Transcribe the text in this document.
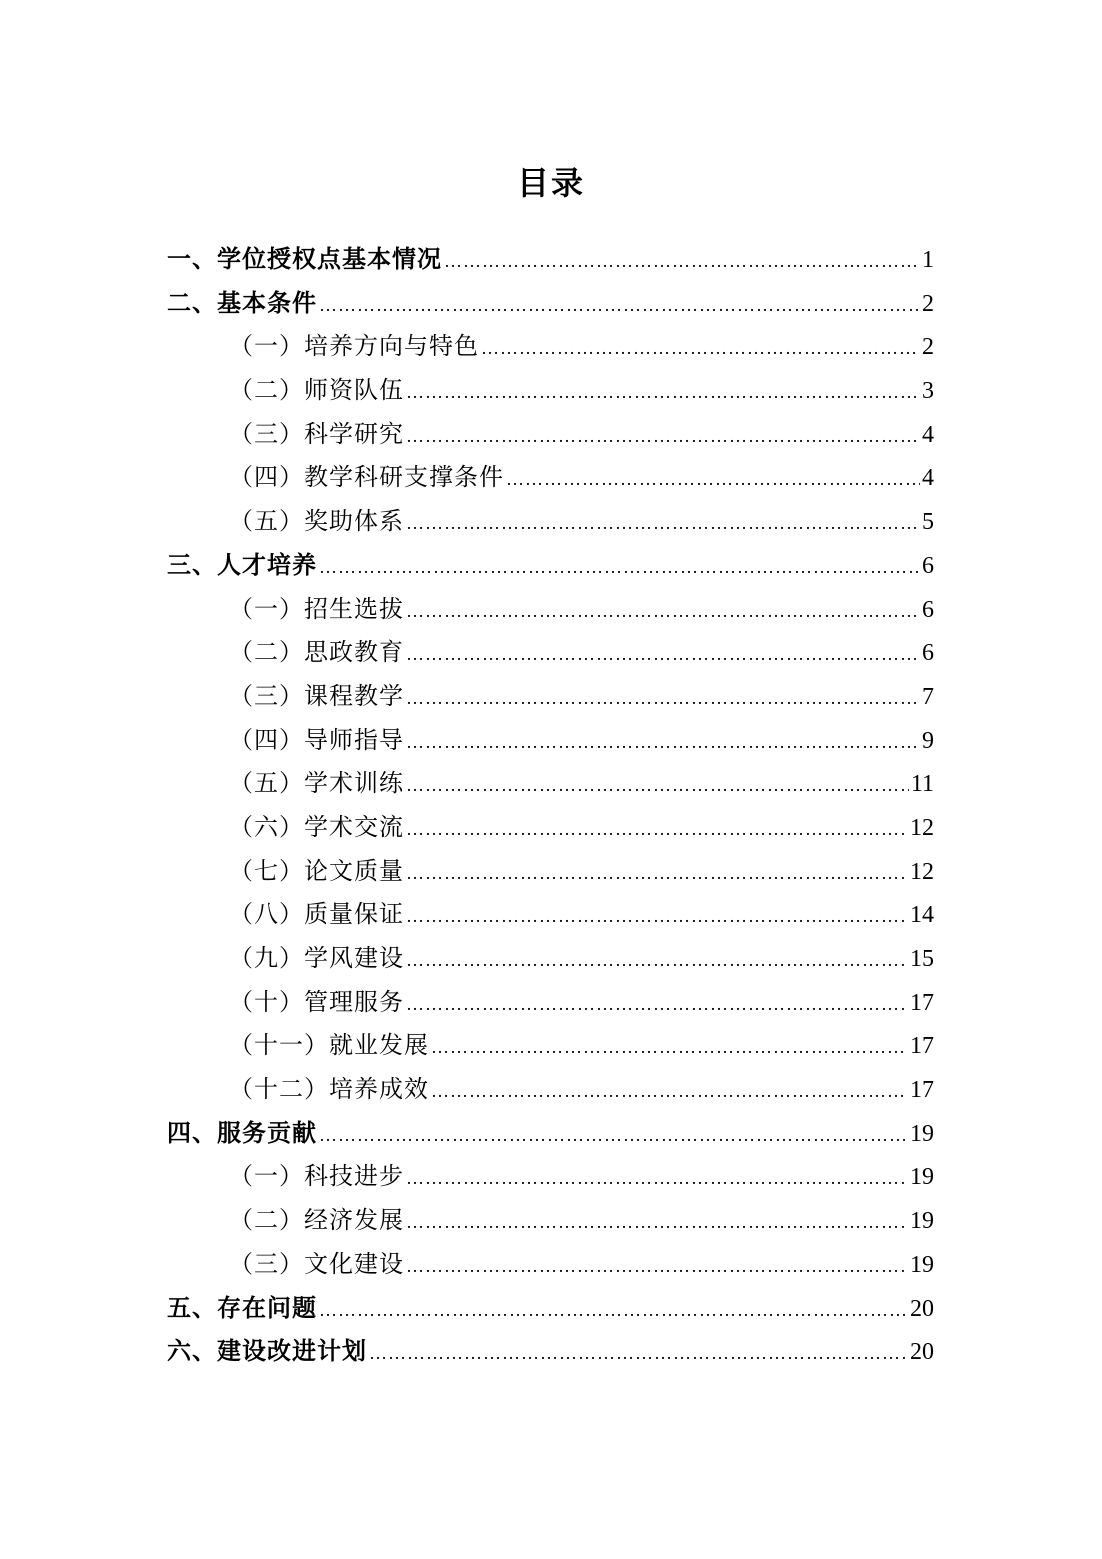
目录
一、学位授权点基本情况 ……………………………………………………………………………………………………………………………………………………………………………………………………	1
二、基本条件 ……………………………………………………………………………………………………………………………………………………………………………………………………	2
（一）培养方向与特色 ……………………………………………………………………………………………………………………………………………………………………………………………………	2
（二）师资队伍 ……………………………………………………………………………………………………………………………………………………………………………………………………	3
（三）科学研究 ……………………………………………………………………………………………………………………………………………………………………………………………………	4
（四）教学科研支撑条件 ……………………………………………………………………………………………………………………………………………………………………………………………………	4
（五）奖助体系 ……………………………………………………………………………………………………………………………………………………………………………………………………	5
三、人才培养 ……………………………………………………………………………………………………………………………………………………………………………………………………	6
（一）招生选拔 ……………………………………………………………………………………………………………………………………………………………………………………………………	6
（二）思政教育 ……………………………………………………………………………………………………………………………………………………………………………………………………	6
（三）课程教学 ……………………………………………………………………………………………………………………………………………………………………………………………………	7
（四）导师指导 ……………………………………………………………………………………………………………………………………………………………………………………………………	9
（五）学术训练 ……………………………………………………………………………………………………………………………………………………………………………………………………	11
（六）学术交流 ……………………………………………………………………………………………………………………………………………………………………………………………………	12
（七）论文质量 ……………………………………………………………………………………………………………………………………………………………………………………………………	12
（八）质量保证 ……………………………………………………………………………………………………………………………………………………………………………………………………	14
（九）学风建设 ……………………………………………………………………………………………………………………………………………………………………………………………………	15
（十）管理服务 ……………………………………………………………………………………………………………………………………………………………………………………………………	17
（十一）就业发展 ……………………………………………………………………………………………………………………………………………………………………………………………………	17
（十二）培养成效 ……………………………………………………………………………………………………………………………………………………………………………………………………	17
四、服务贡献 ……………………………………………………………………………………………………………………………………………………………………………………………………	19
（一）科技进步 ……………………………………………………………………………………………………………………………………………………………………………………………………	19
（二）经济发展 ……………………………………………………………………………………………………………………………………………………………………………………………………	19
（三）文化建设 ……………………………………………………………………………………………………………………………………………………………………………………………………	19
五、存在问题 ……………………………………………………………………………………………………………………………………………………………………………………………………	20
六、建设改进计划 ……………………………………………………………………………………………………………………………………………………………………………………………………	20
